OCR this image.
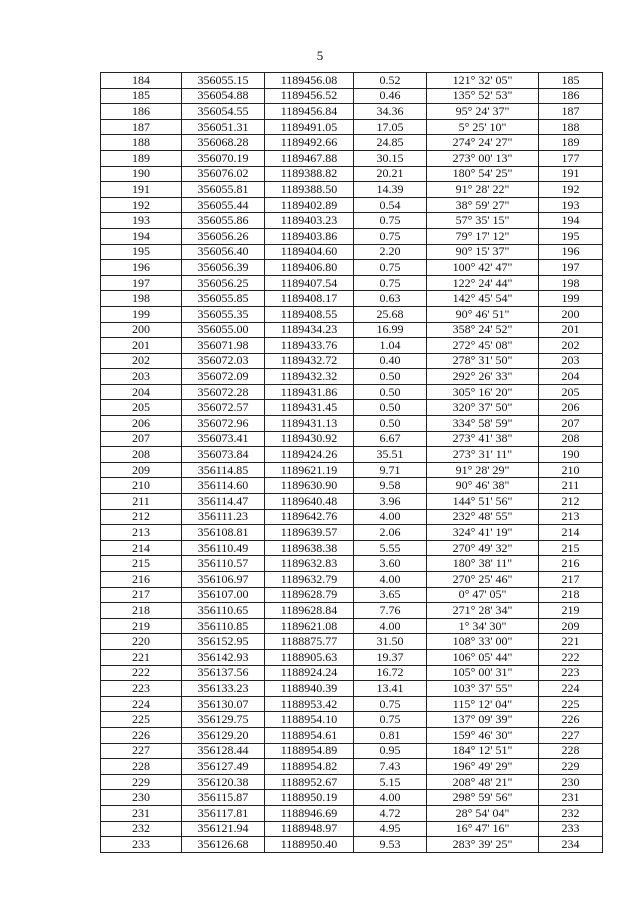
5
184	356055.15	1189456.08	0.52	121° 32' 05"	185
185	356054.88	1189456.52	0.46	135° 52' 53"	186
186	356054.55	1189456.84	34.36	95° 24' 37"	187
187	356051.31	1189491.05	17.05	5° 25' 10"	188
188	356068.28	1189492.66	24.85	274° 24' 27"	189
189	356070.19	1189467.88	30.15	273° 00' 13"	177
190	356076.02	1189388.82	20.21	180° 54' 25"	191
191	356055.81	1189388.50	14.39	91° 28' 22"	192
192	356055.44	1189402.89	0.54	38° 59' 27"	193
193	356055.86	1189403.23	0.75	57° 35' 15"	194
194	356056.26	1189403.86	0.75	79° 17' 12"	195
195	356056.40	1189404.60	2.20	90° 15' 37"	196
196	356056.39	1189406.80	0.75	100° 42' 47"	197
197	356056.25	1189407.54	0.75	122° 24' 44"	198
198	356055.85	1189408.17	0.63	142° 45' 54"	199
199	356055.35	1189408.55	25.68	90° 46' 51"	200
200	356055.00	1189434.23	16.99	358° 24' 52"	201
201	356071.98	1189433.76	1.04	272° 45' 08"	202
202	356072.03	1189432.72	0.40	278° 31' 50"	203
203	356072.09	1189432.32	0.50	292° 26' 33"	204
204	356072.28	1189431.86	0.50	305° 16' 20"	205
205	356072.57	1189431.45	0.50	320° 37' 50"	206
206	356072.96	1189431.13	0.50	334° 58' 59"	207
207	356073.41	1189430.92	6.67	273° 41' 38"	208
208	356073.84	1189424.26	35.51	273° 31' 11"	190
209	356114.85	1189621.19	9.71	91° 28' 29"	210
210	356114.60	1189630.90	9.58	90° 46' 38"	211
211	356114.47	1189640.48	3.96	144° 51' 56"	212
212	356111.23	1189642.76	4.00	232° 48' 55"	213
213	356108.81	1189639.57	2.06	324° 41' 19"	214
214	356110.49	1189638.38	5.55	270° 49' 32"	215
215	356110.57	1189632.83	3.60	180° 38' 11"	216
216	356106.97	1189632.79	4.00	270° 25' 46"	217
217	356107.00	1189628.79	3.65	0° 47' 05"	218
218	356110.65	1189628.84	7.76	271° 28' 34"	219
219	356110.85	1189621.08	4.00	1° 34' 30"	209
220	356152.95	1188875.77	31.50	108° 33' 00"	221
221	356142.93	1188905.63	19.37	106° 05' 44"	222
222	356137.56	1188924.24	16.72	105° 00' 31"	223
223	356133.23	1188940.39	13.41	103° 37' 55"	224
224	356130.07	1188953.42	0.75	115° 12' 04"	225
225	356129.75	1188954.10	0.75	137° 09' 39"	226
226	356129.20	1188954.61	0.81	159° 46' 30"	227
227	356128.44	1188954.89	0.95	184° 12' 51"	228
228	356127.49	1188954.82	7.43	196° 49' 29"	229
229	356120.38	1188952.67	5.15	208° 48' 21"	230
230	356115.87	1188950.19	4.00	298° 59' 56"	231
231	356117.81	1188946.69	4.72	28° 54' 04"	232
232	356121.94	1188948.97	4.95	16° 47' 16"	233
233	356126.68	1188950.40	9.53	283° 39' 25"	234
